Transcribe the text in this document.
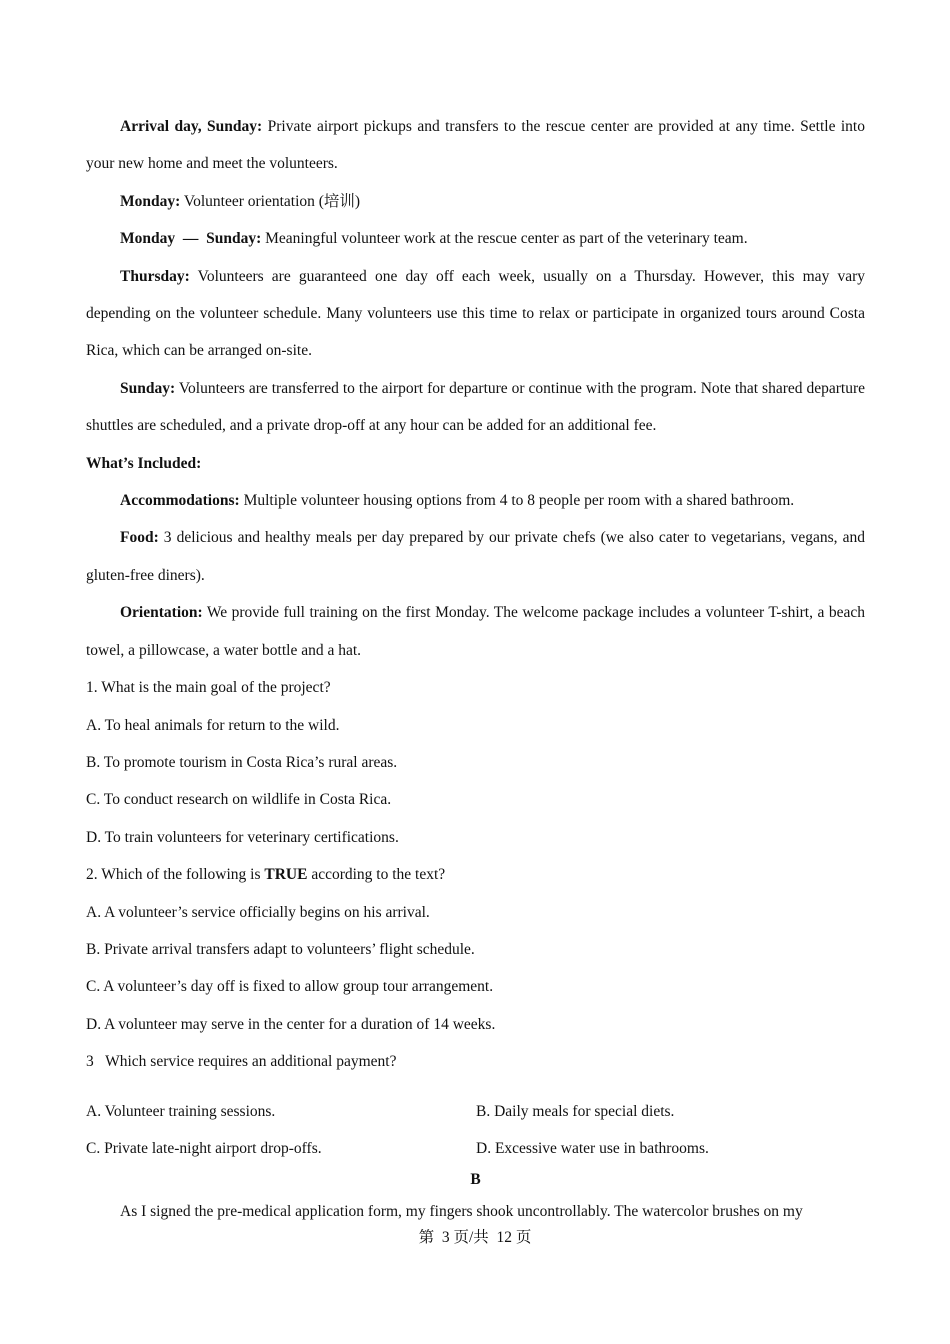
Arrival day, Sunday: Private airport pickups and transfers to the rescue center are provided at any time. Settle into your new home and meet the volunteers.

Monday: Volunteer orientation (培训)

Monday  —  Sunday: Meaningful volunteer work at the rescue center as part of the veterinary team.

Thursday: Volunteers are guaranteed one day off each week, usually on a Thursday. However, this may vary depending on the volunteer schedule. Many volunteers use this time to relax or participate in organized tours around Costa Rica, which can be arranged on-site.

Sunday: Volunteers are transferred to the airport for departure or continue with the program. Note that shared departure shuttles are scheduled, and a private drop-off at any hour can be added for an additional fee.

What’s Included:

Accommodations: Multiple volunteer housing options from 4 to 8 people per room with a shared bathroom.

Food: 3 delicious and healthy meals per day prepared by our private chefs (we also cater to vegetarians, vegans, and gluten-free diners).

Orientation: We provide full training on the first Monday. The welcome package includes a volunteer T-shirt, a beach towel, a pillowcase, a water bottle and a hat.

1. What is the main goal of the project?

A. To heal animals for return to the wild.

B. To promote tourism in Costa Rica’s rural areas.

C. To conduct research on wildlife in Costa Rica.

D. To train volunteers for veterinary certifications.

2. Which of the following is TRUE according to the text?

A. A volunteer’s service officially begins on his arrival.

B. Private arrival transfers adapt to volunteers’ flight schedule.

C. A volunteer’s day off is fixed to allow group tour arrangement.

D. A volunteer may serve in the center for a duration of 14 weeks.

3   Which service requires an additional payment?

A. Volunteer training sessions.	B. Daily meals for special diets.
C. Private late-night airport drop-offs.	D. Excessive water use in bathrooms.

B

As I signed the pre-medical application form, my fingers shook uncontrollably. The watercolor brushes on my

第  3 页/共  12 页
